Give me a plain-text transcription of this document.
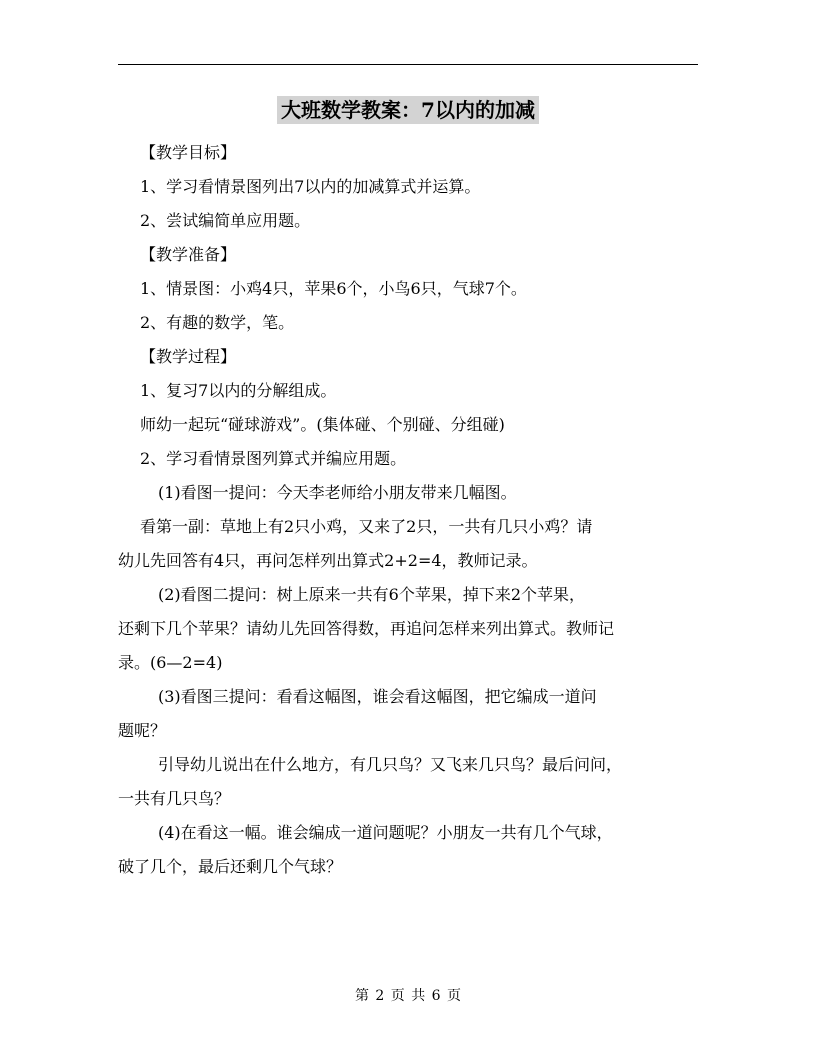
大班数学教案：7以内的加减
【教学目标】
1、学习看情景图列出7以内的加减算式并运算。
2、尝试编简单应用题。
【教学准备】
1、情景图：小鸡4只，苹果6个，小鸟6只，气球7个。
2、有趣的数学，笔。
【教学过程】
1、复习7以内的分解组成。
师幼一起玩“碰球游戏”。(集体碰、个别碰、分组碰)
2、学习看情景图列算式并编应用题。
(1)看图一提问：今天李老师给小朋友带来几幅图。
看第一副：草地上有2只小鸡，又来了2只，一共有几只小鸡？请
幼儿先回答有4只，再问怎样列出算式2+2=4，教师记录。
(2)看图二提问：树上原来一共有6个苹果，掉下来2个苹果，
还剩下几个苹果？请幼儿先回答得数，再追问怎样来列出算式。教师记
录。(6—2=4)
(3)看图三提问：看看这幅图，谁会看这幅图，把它编成一道问
题呢？
引导幼儿说出在什么地方，有几只鸟？又飞来几只鸟？最后问问，
一共有几只鸟？
(4)在看这一幅。谁会编成一道问题呢？小朋友一共有几个气球，
破了几个，最后还剩几个气球？
第 2 页 共 6 页
